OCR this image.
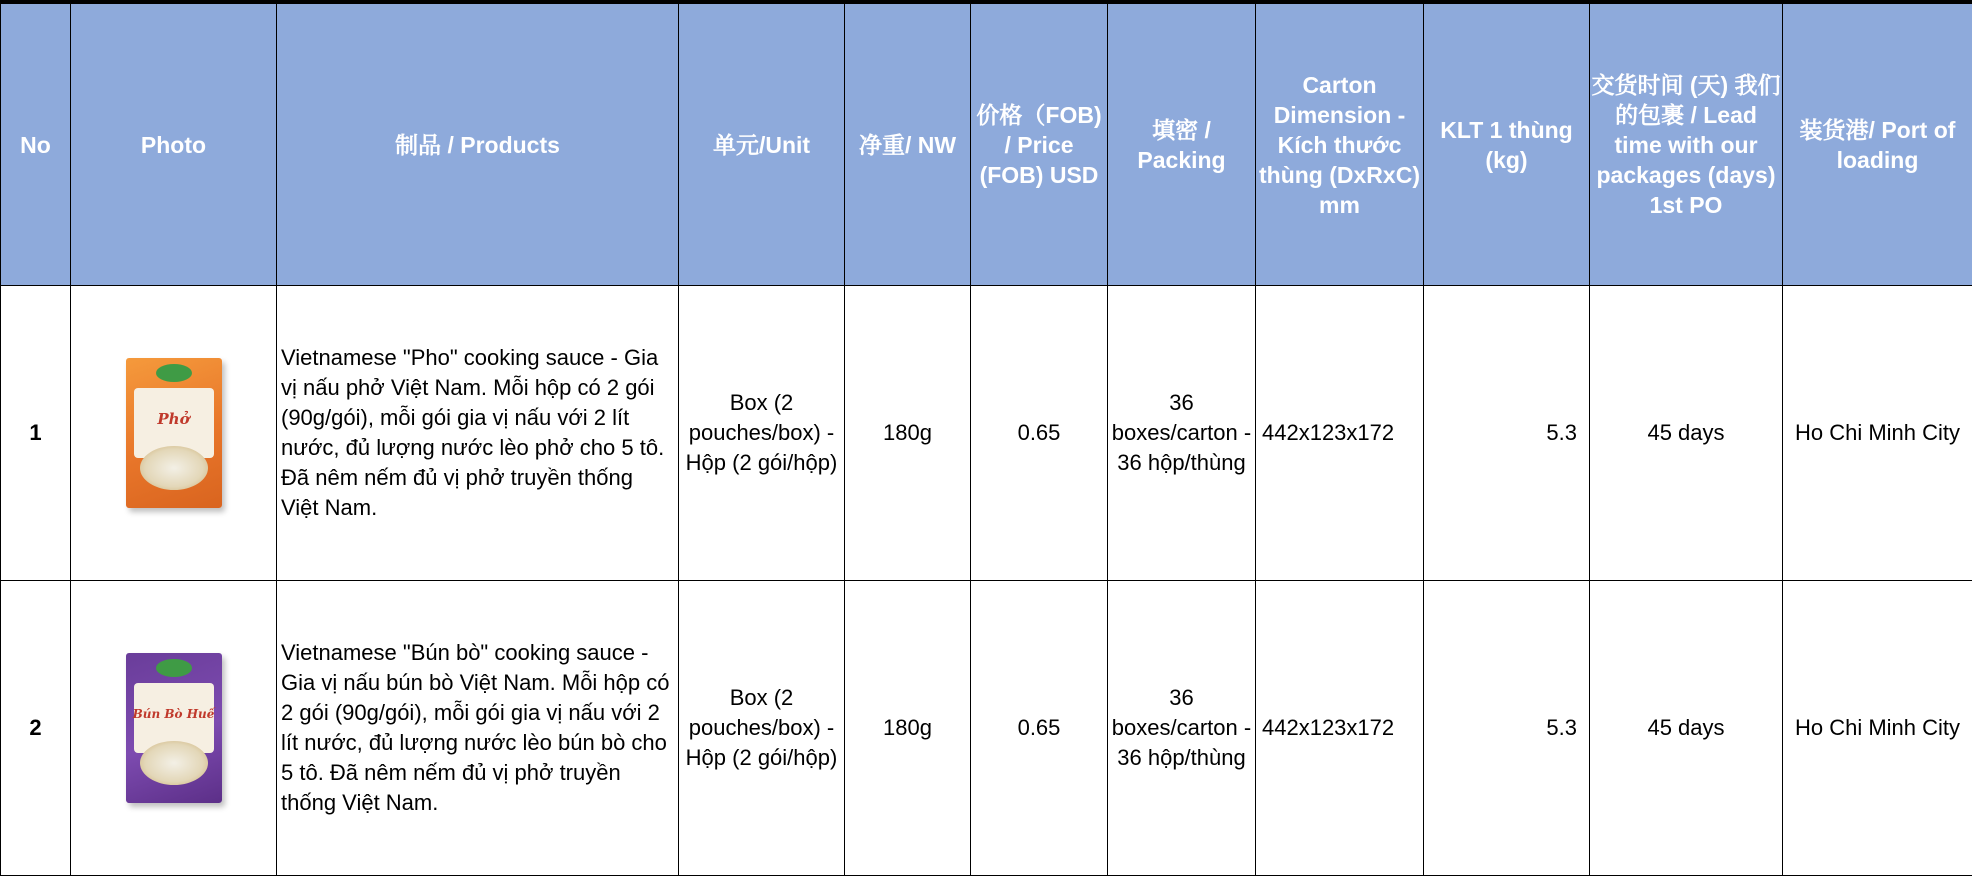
No	Photo	制品 / Products	单元/Unit	净重/ NW	价格（FOB) / Price (FOB) USD	填密 / Packing	Carton Dimension - Kích thước thùng (DxRxC) mm	KLT 1 thùng (kg)	交货时间 (天) 我们的包裹 / Lead time with our packages (days) 1st PO	装货港/ Port of loading
1	Phở	Vietnamese "Pho" cooking sauce - Gia vị nấu phở Việt Nam. Mỗi hộp có 2 gói (90g/gói), mỗi gói gia vị nấu với 2 lít nước, đủ lượng nước lèo phở cho 5 tô. Đã nêm nếm đủ vị phở truyền thống Việt Nam.	Box (2 pouches/box) - Hộp (2 gói/hộp)	180g	0.65	36 boxes/carton - 36 hộp/thùng	442x123x172	5.3	45 days	Ho Chi Minh City
2	Bún Bò Huế	Vietnamese "Bún bò" cooking sauce - Gia vị nấu bún bò Việt Nam. Mỗi hộp có 2 gói (90g/gói), mỗi gói gia vị nấu với 2 lít nước, đủ lượng nước lèo bún bò cho 5 tô. Đã nêm nếm đủ vị phở truyền thống Việt Nam.	Box (2 pouches/box) - Hộp (2 gói/hộp)	180g	0.65	36 boxes/carton - 36 hộp/thùng	442x123x172	5.3	45 days	Ho Chi Minh City
